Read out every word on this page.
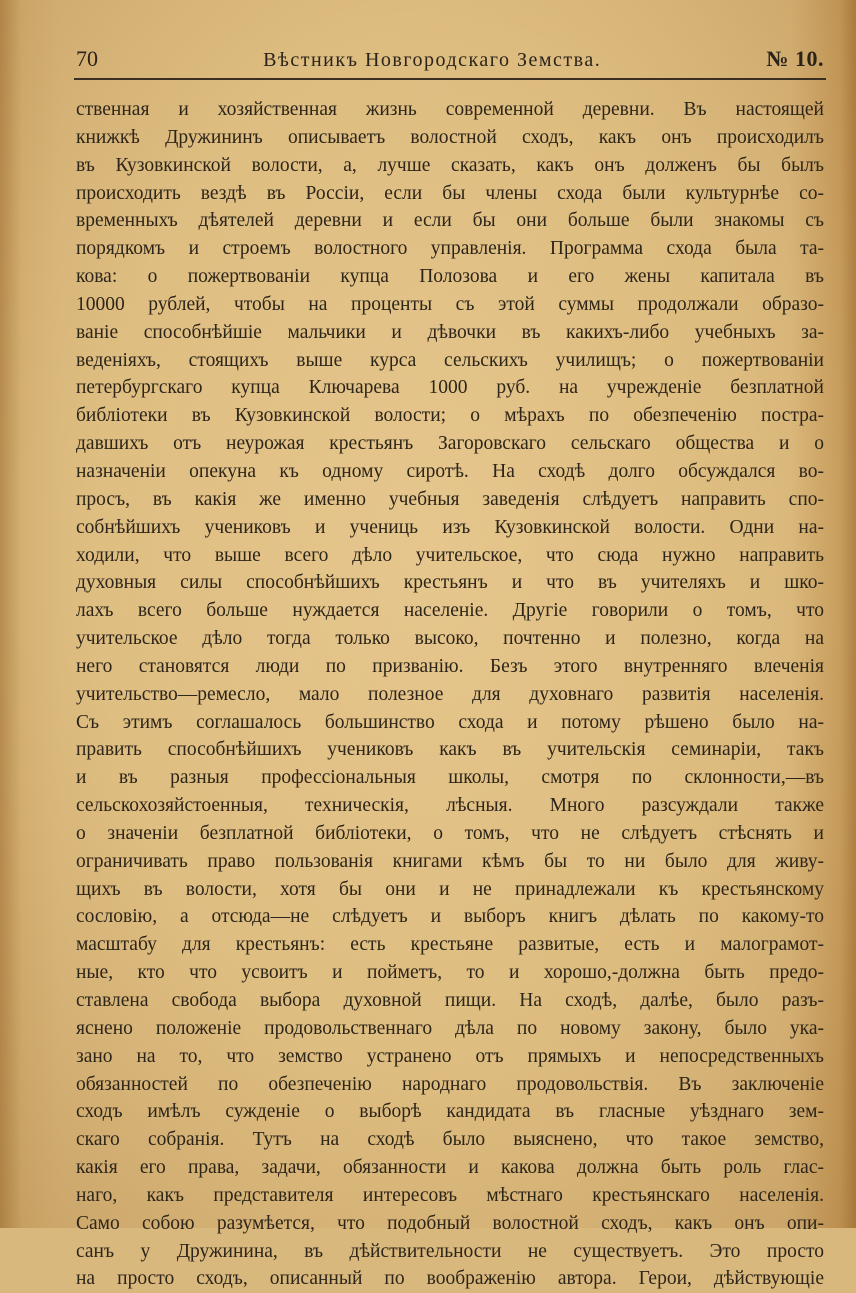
70	Вѣстникъ Новгородскаго Земства.	№ 10.
ственная и хозяйственная жизнь современной деревни. Въ настоящей
книжкѣ Дружининъ описываетъ волостной сходъ, какъ онъ происходилъ
въ Кузовкинской волости, а, лучше сказать, какъ онъ долженъ бы былъ
происходить вездѣ въ Россіи, если бы члены схода были культурнѣе со-
временныхъ дѣятелей деревни и если бы они больше были знакомы съ
порядкомъ и строемъ волостного управленія. Программа схода была та-
кова: о пожертвованіи купца Полозова и его жены капитала въ
10000 рублей, чтобы на проценты съ этой суммы продолжали образо-
ваніе способнѣйшіе мальчики и дѣвочки въ какихъ-либо учебныхъ за-
веденіяхъ, стоящихъ выше курса сельскихъ училищъ; о пожертвованіи
петербургскаго купца Ключарева 1000 руб. на учрежденіе безплатной
библіотеки въ Кузовкинской волости; о мѣрахъ по обезпеченію постра-
давшихъ отъ неурожая крестьянъ Загоровскаго сельскаго общества и о
назначеніи опекуна къ одному сиротѣ. На сходѣ долго обсуждался во-
просъ, въ какія же именно учебныя заведенія слѣдуетъ направить спо-
собнѣйшихъ учениковъ и учениць изъ Кузовкинской волости. Одни на-
ходили, что выше всего дѣло учительское, что сюда нужно направить
духовныя силы способнѣйшихъ крестьянъ и что въ учителяхъ и шко-
лахъ всего больше нуждается населеніе. Другіе говорили о томъ, что
учительское дѣло тогда только высоко, почтенно и полезно, когда на
него становятся люди по призванію. Безъ этого внутренняго влеченія
учительство—ремесло, мало полезное для духовнаго развитія населенія.
Съ этимъ соглашалось большинство схода и потому рѣшено было на-
править способнѣйшихъ учениковъ какъ въ учительскія семинаріи, такъ
и въ разныя профессіональныя школы, смотря по склонности,—въ
сельскохозяйстоенныя, техническія, лѣсныя. Много разсуждали также
о значеніи безплатной библіотеки, о томъ, что не слѣдуетъ стѣснять и
ограничивать право пользованія книгами кѣмъ бы то ни было для живу-
щихъ въ волости, хотя бы они и не принадлежали къ крестьянскому
сословію, а отсюда—не слѣдуетъ и выборъ книгъ дѣлать по какому-то
масштабу для крестьянъ: есть крестьяне развитые, есть и малограмот-
ные, кто что усвоитъ и пойметъ, то и хорошо,-должна быть предо-
ставлена свобода выбора духовной пищи. На сходѣ, далѣе, было разъ-
яснено положеніе продовольственнаго дѣла по новому закону, было ука-
зано на то, что земство устранено отъ прямыхъ и непосредственныхъ
обязанностей по обезпеченію народнаго продовольствія. Въ заключеніе
сходъ имѣлъ сужденіе о выборѣ кандидата въ гласные уѣзднаго зем-
скаго собранія. Тутъ на сходѣ было выяснено, что такое земство,
какія его права, задачи, обязанности и какова должна быть роль глас-
наго, какъ представителя интересовъ мѣстнаго крестьянскаго населенія.
Само собою разумѣется, что подобный волостной сходъ, какъ онъ опи-
санъ у Дружинина, въ дѣйствительности не существуетъ. Это просто
на просто сходъ, описанный по воображенію автора. Герои, дѣйствующіе
